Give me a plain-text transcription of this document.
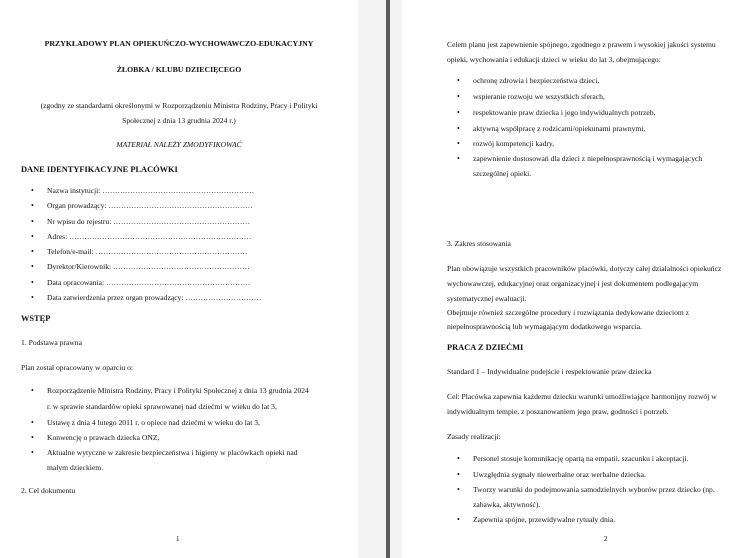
PRZYKŁADOWY PLAN OPIEKUŃCZO-WYCHOWAWCZO-EDUKACYJNY
ŻŁOBKA / KLUBU DZIECIĘCEGO
(zgodny ze standardami określonymi w Rozporządzeniu Ministra Rodziny, Pracy i Polityki
Społecznej z dnia 13 grudnia 2024 r.)
MATERIAŁ NALEŻY ZMODYFIKOWAĆ
DANE IDENTYFIKACYJNE PLACÓWKI
• Nazwa instytucji: ……………………………………………………
• Organ prowadzący: …………………………………………………
• Nr wpisu do rejestru: ………………………………………………
• Adres: ………………………………………………………………
• Telefon/e-mail: ……………………………………………………
• Dyrektor/Kierownik: ………………………………………………
• Data opracowania: …………………………………………………
• Data zatwierdzenia przez organ prowadzący: …………………………
WSTĘP
1. Podstawa prawna
Plan został opracowany w oparciu o:
• Rozporządzenie Ministra Rodziny, Pracy i Polityki Społecznej z dnia 13 grudnia 2024
r. w sprawie standardów opieki sprawowanej nad dziećmi w wieku do lat 3,
• Ustawę z dnia 4 lutego 2011 r. o opiece nad dziećmi w wieku do lat 3,
• Konwencję o prawach dziecka ONZ,
• Aktualne wytyczne w zakresie bezpieczeństwa i higieny w placówkach opieki nad
małym dzieckiem.
2. Cel dokumentu
1
Celem planu jest zapewnienie spójnego, zgodnego z prawem i wysokiej jakości systemu
opieki, wychowania i edukacji dzieci w wieku do lat 3, obejmującego:
• ochronę zdrowia i bezpieczeństwa dzieci,
• wspieranie rozwoju we wszystkich sferach,
• respektowanie praw dziecka i jego indywidualnych potrzeb,
• aktywną współpracę z rodzicami/opiekunami prawnymi,
• rozwój kompetencji kadry,
• zapewnienie dostosowań dla dzieci z niepełnosprawnością i wymagających
szczególnej opieki.
3. Zakres stosowania
Plan obowiązuje wszystkich pracowników placówki, dotyczy całej działalności opiekuńcz
wychowawczej, edukacyjnej oraz organizacyjnej i jest dokumentem podlegającym
systematycznej ewaluacji.
Obejmuje również szczególne procedury i rozwiązania dedykowane dzieciom z
niepełnosprawnością lub wymagającym dodatkowego wsparcia.
PRACA Z DZIEĆMI
Standard 1 – Indywidualne podejście i respektowanie praw dziecka
Cel: Placówka zapewnia każdemu dziecku warunki umożliwiające harmonijny rozwój w
indywidualnym tempie, z poszanowaniem jego praw, godności i potrzeb.
Zasady realizacji:
• Personel stosuje komunikację opartą na empatii, szacunku i akceptacji.
• Uwzględnia sygnały niewerbalne oraz werbalne dziecka.
• Tworzy warunki do podejmowania samodzielnych wyborów przez dziecko (np.
zabawka, aktywność).
• Zapewnia spójne, przewidywalne rytuały dnia.
2
